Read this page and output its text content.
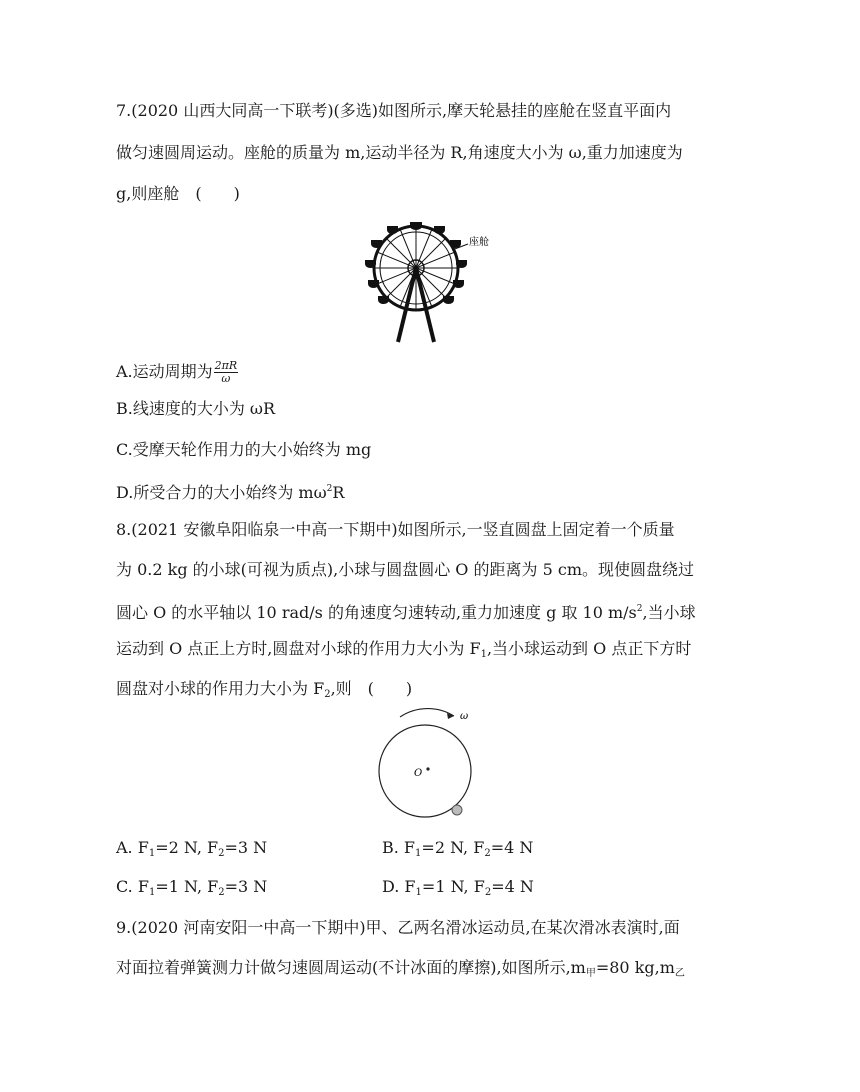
7.(2020 山西大同高一下联考)(多选)如图所示,摩天轮悬挂的座舱在竖直平面内
做匀速圆周运动。座舱的质量为 m,运动半径为 R,角速度大小为 ω,重力加速度为
g,则座舱　(　　)
座舱
A.运动周期为 $\frac{2\pi R}{\omega}$
B.线速度的大小为 ωR
C.受摩天轮作用力的大小始终为 mg
D.所受合力的大小始终为 $m\omega^2R$
8.(2021 安徽阜阳临泉一中高一下期中)如图所示,一竖直圆盘上固定着一个质量
为 0.2 kg 的小球(可视为质点),小球与圆盘圆心 O 的距离为 5 cm。现使圆盘绕过
圆心 O 的水平轴以 10 rad/s 的角速度匀速转动,重力加速度 g 取 10 $m/s^2$,当小球
运动到 O 点正上方时,圆盘对小球的作用力大小为 $F_1$,当小球运动到 O 点正下方时
圆盘对小球的作用力大小为 $F_2$,则　(　　)
ω
O
A. $F_1=2$ N, $F_2=3$ N	B. $F_1=2$ N, $F_2=4$ N
C. $F_1=1$ N, $F_2=3$ N	D. $F_1=1$ N, $F_2=4$ N
9.(2020 河南安阳一中高一下期中)甲、乙两名滑冰运动员,在某次滑冰表演时,面
对面拉着弹簧测力计做匀速圆周运动(不计冰面的摩擦),如图所示$,m_甲=80$ $kg,m_乙$
